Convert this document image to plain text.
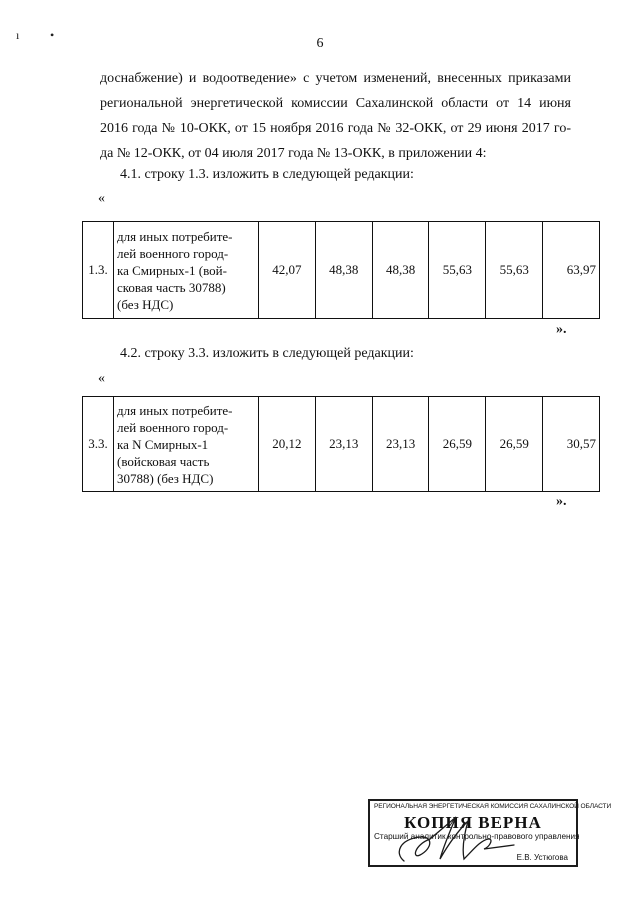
ı	•
6
доснабжение) и водоотведение» с учетом изменений, внесенных приказами
региональной энергетической комиссии Сахалинской области от 14 июня
2016 года № 10-ОКК, от 15 ноября 2016 года № 32-ОКК, от 29 июня 2017 го-
да № 12-ОКК, от 04 июля 2017 года № 13-ОКК, в приложении 4:
4.1. строку 1.3. изложить в следующей редакции:
«
1.3.	
для иных потребите-
лей военного город-
ка Смирных-1 (вой-
сковая часть 30788)
(без НДС)
	42,07	48,38	48,38	55,63	55,63	63,97
».
4.2. строку 3.3. изложить в следующей редакции:
«
3.3.	
для иных потребите-
лей военного город-
ка N Смирных-1
(войсковая часть
30788) (без НДС)
	20,12	23,13	23,13	26,59	26,59	30,57
».
РЕГИОНАЛЬНАЯ ЭНЕРГЕТИЧЕСКАЯ КОМИССИЯ САХАЛИНСКОЙ ОБЛАСТИ
КОПИЯ ВЕРНА
Старший аналитик контрольно-правового управления
Е.В. Устюгова
